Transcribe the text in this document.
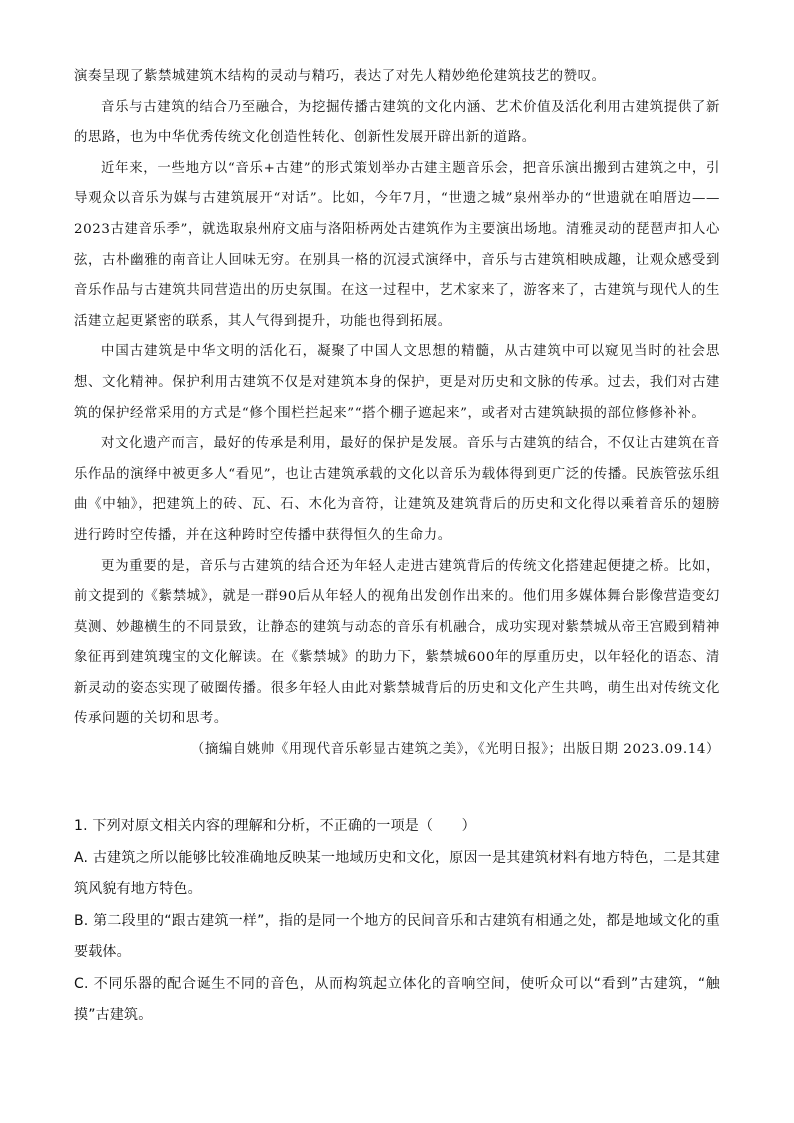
演奏呈现了紫禁城建筑木结构的灵动与精巧，表达了对先人精妙绝伦建筑技艺的赞叹。

音乐与古建筑的结合乃至融合，为挖掘传播古建筑的文化内涵、艺术价值及活化利用古建筑提供了新的思路，也为中华优秀传统文化创造性转化、创新性发展开辟出新的道路。

近年来，一些地方以“音乐+古建”的形式策划举办古建主题音乐会，把音乐演出搬到古建筑之中，引导观众以音乐为媒与古建筑展开“对话”。比如，今年7月，“世遗之城”泉州举办的“世遗就在咱厝边——2023古建音乐季”，就选取泉州府文庙与洛阳桥两处古建筑作为主要演出场地。清雅灵动的琵琶声扣人心弦，古朴幽雅的南音让人回味无穷。在别具一格的沉浸式演绎中，音乐与古建筑相映成趣，让观众感受到音乐作品与古建筑共同营造出的历史氛围。在这一过程中，艺术家来了，游客来了，古建筑与现代人的生活建立起更紧密的联系，其人气得到提升，功能也得到拓展。

中国古建筑是中华文明的活化石，凝聚了中国人文思想的精髓，从古建筑中可以窥见当时的社会思想、文化精神。保护利用古建筑不仅是对建筑本身的保护，更是对历史和文脉的传承。过去，我们对古建筑的保护经常采用的方式是“修个围栏拦起来”“搭个棚子遮起来”，或者对古建筑缺损的部位修修补补。

对文化遗产而言，最好的传承是利用，最好的保护是发展。音乐与古建筑的结合，不仅让古建筑在音乐作品的演绎中被更多人“看见”，也让古建筑承载的文化以音乐为载体得到更广泛的传播。民族管弦乐组曲《中轴》，把建筑上的砖、瓦、石、木化为音符，让建筑及建筑背后的历史和文化得以乘着音乐的翅膀进行跨时空传播，并在这种跨时空传播中获得恒久的生命力。

更为重要的是，音乐与古建筑的结合还为年轻人走进古建筑背后的传统文化搭建起便捷之桥。比如，前文提到的《紫禁城》，就是一群90后从年轻人的视角出发创作出来的。他们用多媒体舞台影像营造变幻莫测、妙趣横生的不同景致，让静态的建筑与动态的音乐有机融合，成功实现对紫禁城从帝王宫殿到精神象征再到建筑瑰宝的文化解读。在《紫禁城》的助力下，紫禁城600年的厚重历史，以年轻化的语态、清新灵动的姿态实现了破圈传播。很多年轻人由此对紫禁城背后的历史和文化产生共鸣，萌生出对传统文化传承问题的关切和思考。

（摘编自姚帅《用现代音乐彰显古建筑之美》，《光明日报》；出版日期 2023.09.14）

1. 下列对原文相关内容的理解和分析，不正确的一项是（　　）

A. 古建筑之所以能够比较准确地反映某一地域历史和文化，原因一是其建筑材料有地方特色，二是其建筑风貌有地方特色。

B. 第二段里的“跟古建筑一样”，指的是同一个地方的民间音乐和古建筑有相通之处，都是地域文化的重要载体。

C. 不同乐器的配合诞生不同的音色，从而构筑起立体化的音响空间，使听众可以“看到”古建筑，“触摸”古建筑。
